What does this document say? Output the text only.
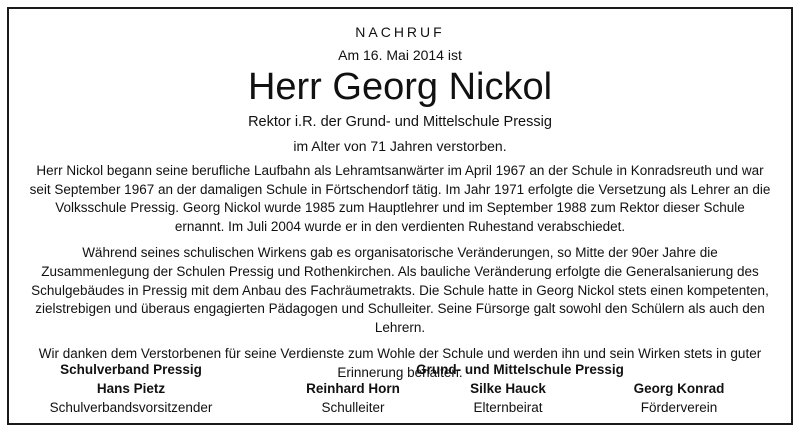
NACHRUF
Am 16. Mai 2014 ist
Herr Georg Nickol
Rektor i.R. der Grund- und Mittelschule Pressig
im Alter von 71 Jahren verstorben.
Herr Nickol begann seine berufliche Laufbahn als Lehramtsanwärter im April 1967 an der Schule in Konradsreuth und war seit September 1967 an der damaligen Schule in Förtschendorf tätig. Im Jahr 1971 erfolgte die Versetzung als Lehrer an die Volksschule Pressig. Georg Nickol wurde 1985 zum Hauptlehrer und im September 1988 zum Rektor dieser Schule ernannt. Im Juli 2004 wurde er in den verdienten Ruhestand verabschiedet.
Während seines schulischen Wirkens gab es organisatorische Veränderungen, so Mitte der 90er Jahre die Zusammenlegung der Schulen Pressig und Rothenkirchen. Als bauliche Veränderung erfolgte die Generalsanierung des Schulgebäudes in Pressig mit dem Anbau des Fachräumetrakts. Die Schule hatte in Georg Nickol stets einen kompetenten, zielstrebigen und überaus engagierten Pädagogen und Schulleiter. Seine Fürsorge galt sowohl den Schülern als auch den Lehrern.
Wir danken dem Verstorbenen für seine Verdienste zum Wohle der Schule und werden ihn und sein Wirken stets in guter Erinnerung behalten.
Schulverband Pressig
Hans Pietz
Schulverbandsvorsitzender
Grund- und Mittelschule Pressig
Reinhard Horn
Schulleiter
Silke Hauck
Elternbeirat
Georg Konrad
Förderverein
